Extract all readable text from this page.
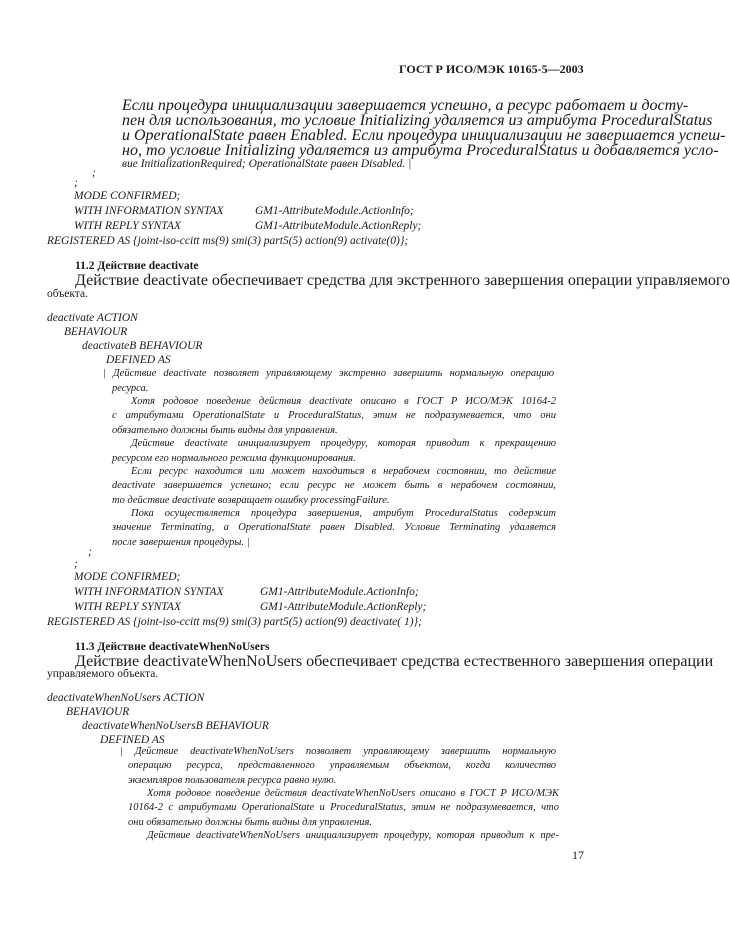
ГОСТ Р ИСО/МЭК 10165-5—2003
Если процедура инициализации завершается успешно, а ресурс работает и досту-
пен для использования, то условие Initializing удаляется из атрибута ProceduralStatus
и OperationalState равен Enabled. Если процедура инициализации не завершается успеш-
но, то условие Initializing удаляется из атрибута ProceduralStatus и добавляется усло-
вие InitializationRequired; OperationalState равен Disabled. |
;
;
MODE CONFIRMED;
WITH INFORMATION SYNTAX	GM1-AttributeModule.ActionInfo;
WITH REPLY SYNTAX	GM1-AttributeModule.ActionReply;
REGISTERED AS {joint-iso-ccitt ms(9) smi(3) part5(5) action(9) activate(0)};
11.2 Действие deactivate
Действие deactivate обеспечивает средства для экстренного завершения операции управляемого
объекта.
deactivate ACTION
BEHAVIOUR
deactivateB BEHAVIOUR
DEFINED AS
| Действие deactivate позволяет управляющему экстренно завершить нормальную операцию
ресурса.
Хотя родовое поведение действия deactivate описано в ГОСТ Р ИСО/МЭК 10164-2
с атрибутами OperationalState и ProceduralStatus, этим не подразумевается, что они
обязательно должны быть видны для управления.
Действие deactivate инициализирует процедуру, которая приводит к прекращению
ресурсом его нормального режима функционирования.
Если ресурс находится или может находиться в нерабочем состоянии, то действие
deactivate завершается успешно; если ресурс не может быть в нерабочем состоянии,
то действие deactivate возвращает ошибку processingFailure.
Пока осуществляется процедура завершения, атрибут ProceduralStatus содержит
значение Terminating, а OperationalState равен Disabled. Условие Terminating удаляется
после завершения процедуры. |
;
;
MODE CONFIRMED;
WITH INFORMATION SYNTAX	GM1-AttributeModule.ActionInfo;
WITH REPLY SYNTAX	GM1-AttributeModule.ActionReply;
REGISTERED AS {joint-iso-ccitt ms(9) smi(3) part5(5) action(9) deactivate( 1)};
11.3 Действие deactivateWhenNoUsers
Действие deactivateWhenNoUsers обеспечивает средства естественного завершения операции
управляемого объекта.
deactivateWhenNoUsers ACTION
BEHAVIOUR
deactivateWhenNoUsersB BEHAVIOUR
DEFINED AS
| Действие deactivateWhenNoUsers позволяет управляющему завершить нормальную
операцию ресурса, представленного управляемым объектом, когда количество
экземпляров пользователя ресурса равно нулю.
Хотя родовое поведение действия deactivateWhenNoUsers описано в ГОСТ Р ИСО/МЭК
10164-2 с атрибутами OperationalState и ProceduralStatus, этим не подразумевается, что
они обязательно должны быть видны для управления.
Действие deactivateWhenNoUsers инициализирует процедуру, которая приводит к пре-
17
